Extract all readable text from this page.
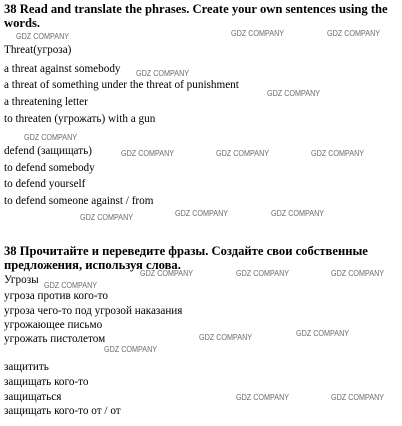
38 Read and translate the phrases. Create your own sentences using the words.
Threat(угроза)
a threat against somebody
a threat of something under the threat of punishment
a threatening letter
to threaten (угрожать) with a gun
defend (защищать)
to defend somebody
to defend yourself
to defend someone against / from
38 Прочитайте и переведите фразы. Создайте свои собственные предложения, используя слова.
Угрозы
угроза против кого-то
угроза чего-то под угрозой наказания
угрожающее письмо
угрожать пистолетом
защитить
защищать кого-то
защищаться
защищать кого-то от / от
GDZ COMPANY	GDZ COMPANY	GDZ COMPANY
GDZ COMPANY
GDZ COMPANY
GDZ COMPANY
GDZ COMPANY	GDZ COMPANY	GDZ COMPANY
GDZ COMPANY	GDZ COMPANY	GDZ COMPANY
GDZ COMPANY	GDZ COMPANY	GDZ COMPANY
GDZ COMPANY
GDZ COMPANY	GDZ COMPANY
GDZ COMPANY
GDZ COMPANY	GDZ COMPANY
